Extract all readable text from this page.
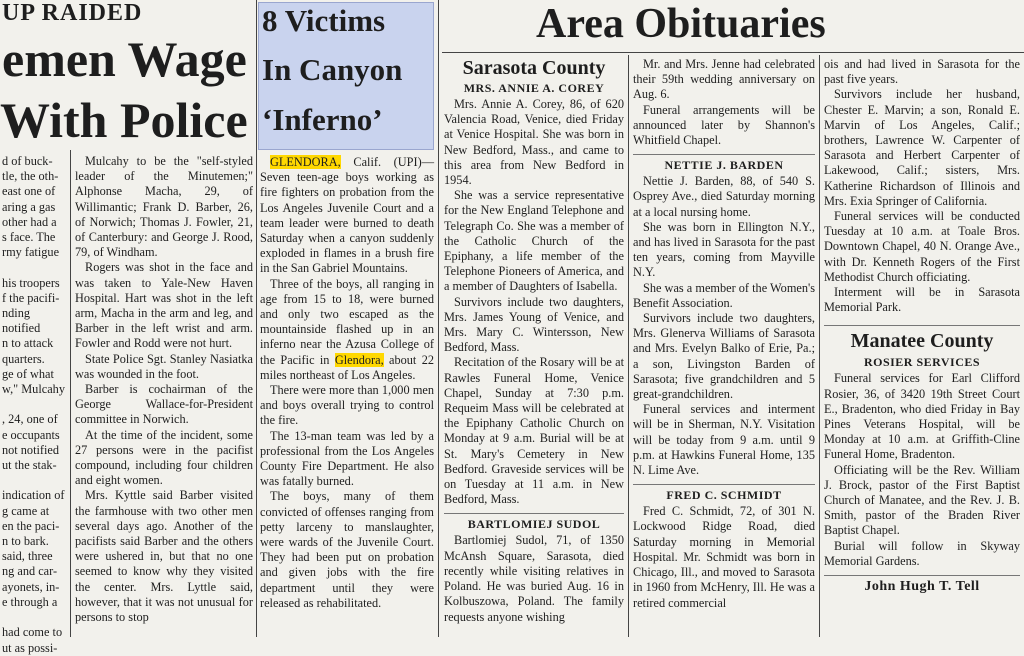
UP RAIDED
emen Wage
With Police

d of buck-
tle, the oth-
east one of
aring a gas
other had a
s face. The
rmy fatigue

his troopers
f the pacifi-
nding notified
n to attack
quarters.
ge of what
w," Mulcahy

, 24, one of
e occupants
not notified
ut the stak-

indication of
g came at
en the paci-
n to bark.
said, three
ng and car-
ayonets, in-
e through a

had come to
ut as possi-

Mulcahy to be the "self-styled leader of the Minutemen;" Alphonse Macha, 29, of Willimantic; Frank D. Barber, 26, of Norwich; Thomas J. Fowler, 21, of Canterbury: and George J. Rood, 79, of Windham.

Rogers was shot in the face and was taken to Yale-New Haven Hospital. Hart was shot in the left arm, Macha in the arm and leg, and Barber in the left wrist and arm. Fowler and Rodd were not hurt.

State Police Sgt. Stanley Nasiatka was wounded in the foot.

Barber is cochairman of the George Wallace-for-President committee in Norwich.

At the time of the incident, some 27 persons were in the pacifist compound, including four children and eight women.

Mrs. Kyttle said Barber visited the farmhouse with two other men several days ago. Another of the pacifists said Barber and the others were ushered in, but that no one seemed to know why they visited the center. Mrs. Lyttle said, however, that it was not unusual for persons to stop

8 Victims
In Canyon
‘Inferno’

GLENDORA, Calif. (UPI)—Seven teen-age boys working as fire fighters on probation from the Los Angeles Juvenile Court and a team leader were burned to death Saturday when a canyon suddenly exploded in flames in a brush fire in the San Gabriel Mountains.

Three of the boys, all ranging in age from 15 to 18, were burned and only two escaped as the mountainside flashed up in an inferno near the Azusa College of the Pacific in Glendora, about 22 miles northeast of Los Angeles.

There were more than 1,000 men and boys overall trying to control the fire.

The 13-man team was led by a professional from the Los Angeles County Fire Department. He also was fatally burned.

The boys, many of them convicted of offenses ranging from petty larceny to manslaughter, were wards of the Juvenile Court. They had been put on probation and given jobs with the fire department until they were released as rehabilitated.

Area Obituaries

Sarasota County

MRS. ANNIE A. COREY

Mrs. Annie A. Corey, 86, of 620 Valencia Road, Venice, died Friday at Venice Hospital. She was born in New Bedford, Mass., and came to this area from New Bedford in 1954.

She was a service representative for the New England Telephone and Telegraph Co. She was a member of the Catholic Church of the Epiphany, a life member of the Telephone Pioneers of America, and a member of Daughters of Isabella.

Survivors include two daughters, Mrs. James Young of Venice, and Mrs. Mary C. Wintersson, New Bedford, Mass.

Recitation of the Rosary will be at Rawles Funeral Home, Venice Chapel, Sunday at 7:30 p.m. Requeim Mass will be celebrated at the Epiphany Catholic Church on Monday at 9 a.m. Burial will be at St. Mary's Cemetery in New Bedford. Graveside services will be on Tuesday at 11 a.m. in New Bedford, Mass.

BARTLOMIEJ SUDOL

Bartlomiej Sudol, 71, of 1350 McAnsh Square, Sarasota, died recently while visiting relatives in Poland. He was buried Aug. 16 in Kolbuszowa, Poland. The family requests anyone wishing

Mr. and Mrs. Jenne had celebrated their 59th wedding anniversary on Aug. 6.

Funeral arrangements will be announced later by Shannon's Whitfield Chapel.

NETTIE J. BARDEN

Nettie J. Barden, 88, of 540 S. Osprey Ave., died Saturday morning at a local nursing home.

She was born in Ellington N.Y., and has lived in Sarasota for the past ten years, coming from Mayville N.Y.

She was a member of the Women's Benefit Association.

Survivors include two daughters, Mrs. Glenerva Williams of Sarasota and Mrs. Evelyn Balko of Erie, Pa.; a son, Livingston Barden of Sarasota; five grandchildren and 5 great-grandchildren.

Funeral services and interment will be in Sherman, N.Y. Visitation will be today from 9 a.m. until 9 p.m. at Hawkins Funeral Home, 135 N. Lime Ave.

FRED C. SCHMIDT

Fred C. Schmidt, 72, of 301 N. Lockwood Ridge Road, died Saturday morning in Memorial Hospital. Mr. Schmidt was born in Chicago, Ill., and moved to Sarasota in 1960 from McHenry, Ill. He was a retired commercial

ois and had lived in Sarasota for the past five years.

Survivors include her husband, Chester E. Marvin; a son, Ronald E. Marvin of Los Angeles, Calif.; brothers, Lawrence W. Carpenter of Sarasota and Herbert Carpenter of Lakewood, Calif.; sisters, Mrs. Katherine Richardson of Illinois and Mrs. Exia Springer of California.

Funeral services will be conducted Tuesday at 10 a.m. at Toale Bros. Downtown Chapel, 40 N. Orange Ave., with Dr. Kenneth Rogers of the First Methodist Church officiating.

Interment will be in Sarasota Memorial Park.

Manatee County

ROSIER SERVICES

Funeral services for Earl Clifford Rosier, 36, of 3420 19th Street Court E., Bradenton, who died Friday in Bay Pines Veterans Hospital, will be Monday at 10 a.m. at Griffith-Cline Funeral Home, Bradenton.

Officiating will be the Rev. William J. Brock, pastor of the First Baptist Church of Manatee, and the Rev. J. B. Smith, pastor of the Braden River Baptist Chapel.

Burial will follow in Skyway Memorial Gardens.

John Hugh T. Tell
